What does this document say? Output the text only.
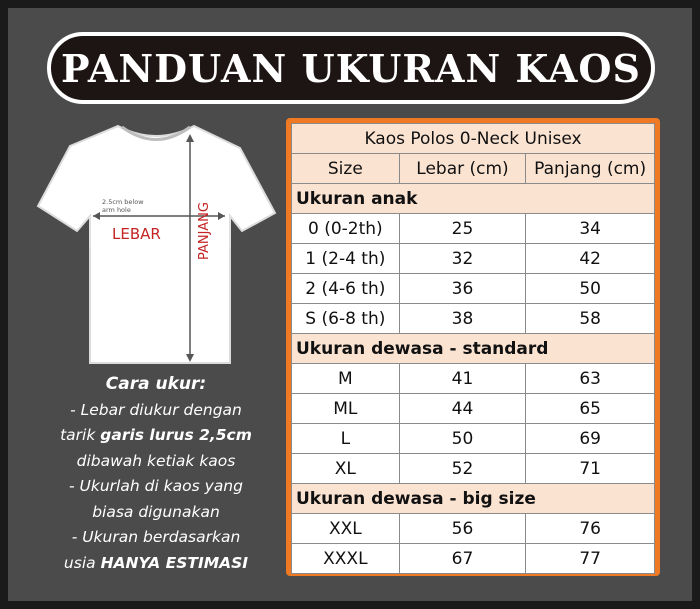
PANDUAN UKURAN KAOS
2.5cm below
arm hole
LEBAR	PANJANG
Cara ukur:
- Lebar diukur dengan
tarik garis lurus 2,5cm
dibawah ketiak kaos
- Ukurlah di kaos yang
biasa digunakan
- Ukuran berdasarkan
usia HANYA ESTIMASI
Kaos Polos 0-Neck Unisex		
Size	Lebar (cm)	Panjang (cm)
Ukuran anak		
0 (0-2th)	25	34
1 (2-4 th)	32	42
2 (4-6 th)	36	50
S (6-8 th)	38	58
Ukuran dewasa - standard		
M	41	63
ML	44	65
L	50	69
XL	52	71
Ukuran dewasa - big size		
XXL	56	76
XXXL	67	77
